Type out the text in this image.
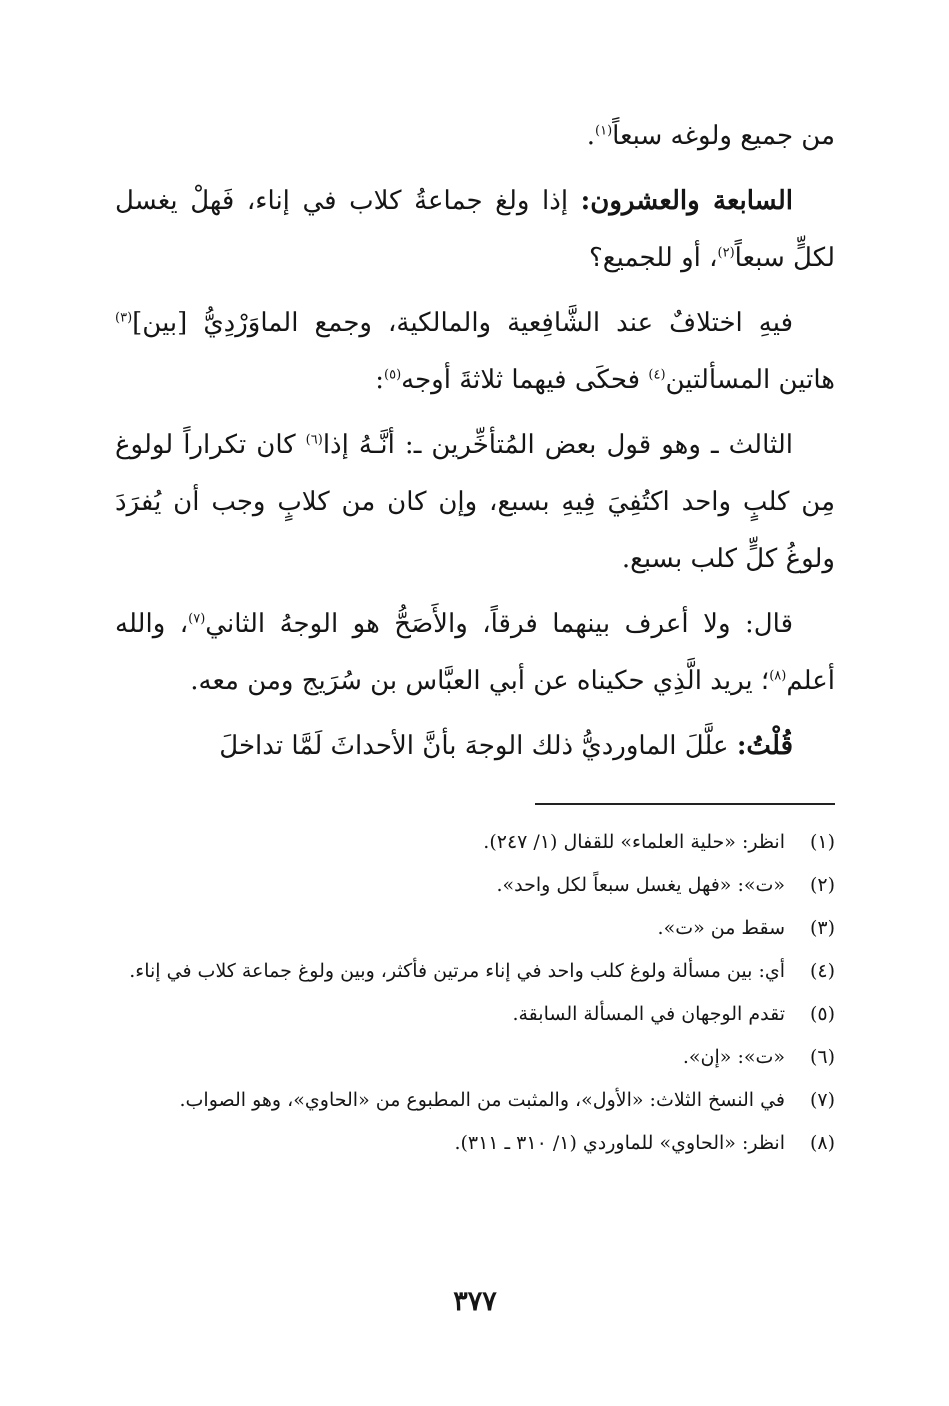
من جميع ولوغه سبعاً$^{(١)}$.

السابعة والعشرون: إذا ولغ جماعةُ كلاب في إناء، فَهلْ يغسل لكلٍّ سبعاً$^{(٢)}$، أو للجميع؟

فيهِ اختلافٌ عند الشَّافِعية والمالكية، وجمع الماوَرْدِيُّ [بين]$^{(٣)}$ هاتين المسألتين$^{(٤)}$ فحكَى فيهما ثلاثةَ أوجه$^{(٥)}$:

الثالث ـ وهو قول بعض المُتأخِّرين ـ: أنَّـهُ إذا$^{(٦)}$ كان تكراراً لولوغ مِن كلبٍ واحد اكتُفِيَ فِيهِ بسبع، وإن كان من كلابٍ وجب أن يُفرَدَ ولوغُ كلٍّ كلب بسبع.

قال: ولا أعرف بينهما فرقاً، والأَصَحُّ هو الوجهُ الثاني$^{(٧)}$، والله أعلم$^{(٨)}$؛ يريد الَّذِي حكيناه عن أبي العبَّاس بن سُرَيج ومن معه.

قُلْتُ: علَّلَ الماورديُّ ذلك الوجهَ بأنَّ الأحداثَ لَمَّا تداخلَ

(١)
انظر: «حلية العلماء» للقفال (١/ ٢٤٧).
(٢)
«ت»: «فهل يغسل سبعاً لكل واحد».
(٣)
سقط من «ت».
(٤)
أي: بين مسألة ولوغ كلب واحد في إناء مرتين فأكثر، وبين ولوغ جماعة كلاب في إناء.
(٥)
تقدم الوجهان في المسألة السابقة.
(٦)
«ت»: «إن».
(٧)
في النسخ الثلاث: «الأول»، والمثبت من المطبوع من «الحاوي»، وهو الصواب.
(٨)
انظر: «الحاوي» للماوردي (١/ ٣١٠ ـ ٣١١).
٣٧٧
